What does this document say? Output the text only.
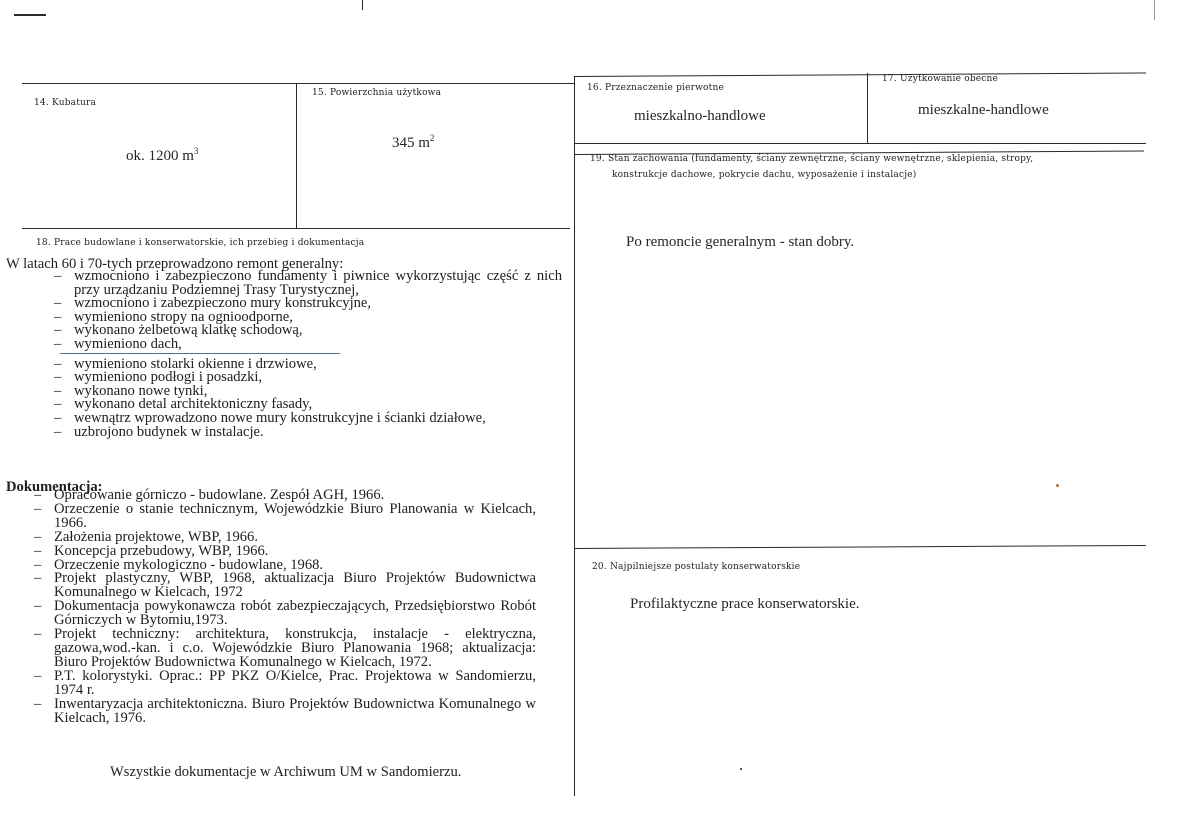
14. Kubatura
ok. 1200 $m^3$
15. Powierzchnia użytkowa
345 $m^2$
16. Przeznaczenie pierwotne
mieszkalno-handlowe
17. Użytkowanie obecne
mieszkalne-handlowe
18. Prace budowlane i konserwatorskie, ich przebieg i dokumentacja
W latach 60 i 70-tych przeprowadzono remont generalny:
– wzmocniono i zabezpieczono fundamenty i piwnice wykorzystując część z nich przy urządzaniu Podziemnej Trasy Turystycznej,
– wzmocniono i zabezpieczono mury konstrukcyjne,
– wymieniono stropy na ognioodporne,
– wykonano żelbetową klatkę schodową,
– wymieniono dach,
– wymieniono stolarki okienne i drzwiowe,
– wymieniono podłogi i posadzki,
– wykonano nowe tynki,
– wykonano detal architektoniczny fasady,
– wewnątrz wprowadzono nowe mury konstrukcyjne i ścianki działowe,
– uzbrojono budynek w instalacje.
Dokumentacja:
– Opracowanie górniczo - budowlane. Zespół AGH, 1966.
– Orzeczenie o stanie technicznym, Wojewódzkie Biuro Planowania w Kielcach, 1966.
– Założenia projektowe, WBP, 1966.
– Koncepcja przebudowy, WBP, 1966.
– Orzeczenie mykologiczno - budowlane, 1968.
– Projekt plastyczny, WBP, 1968, aktualizacja Biuro Projektów Budownictwa Komunalnego w Kielcach, 1972
– Dokumentacja powykonawcza robót zabezpieczających, Przedsiębiorstwo Robót Górniczych w Bytomiu,1973.
– Projekt techniczny: architektura, konstrukcja, instalacje - elektryczna, gazowa,wod.-kan. i c.o. Wojewódzkie Biuro Planowania 1968; aktualizacja: Biuro Projektów Budownictwa Komunalnego w Kielcach, 1972.
– P.T. kolorystyki. Oprac.: PP PKZ O/Kielce, Prac. Projektowa w Sandomierzu, 1974 r.
– Inwentaryzacja architektoniczna. Biuro Projektów Budownictwa Komunalnego w Kielcach, 1976.
Wszystkie dokumentacje w Archiwum UM w Sandomierzu.
19. Stan zachowania (fundamenty, ściany zewnętrzne, ściany wewnętrzne, sklepienia, stropy,
konstrukcje dachowe, pokrycie dachu, wyposażenie i instalacje)
Po remoncie generalnym - stan dobry.
20. Najpilniejsze postulaty konserwatorskie
Profilaktyczne prace konserwatorskie.
